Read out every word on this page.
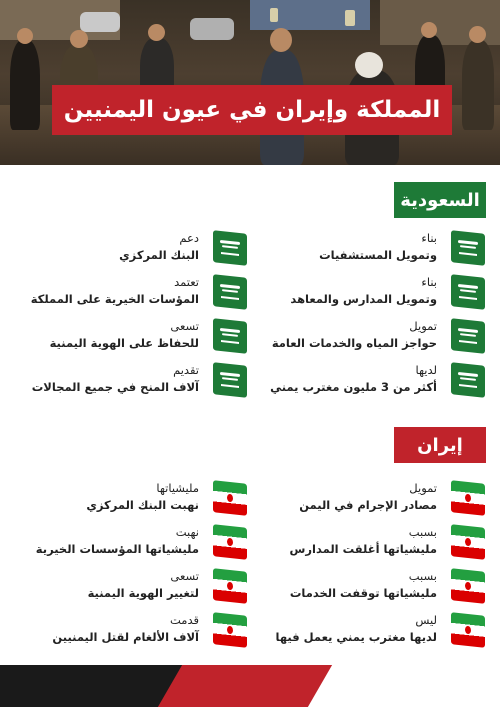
المملكة وإيران في عيون اليمنيين
السعودية
بناء
وتمويل المستشفيات
دعم
البنك المركزي
بناء
وتمويل المدارس والمعاهد
تعتمد
المؤسات الخيرية على المملكة
تمويل
حواجز المياه والخدمات العامة
تسعى
للحفاظ على الهوية اليمنية
لديها
أكثر من 3 مليون مغترب يمني
تقديم
آلاف المنح في جميع المجالات
إيران
تمويل
مصادر الإجرام في اليمن
مليشياتها
نهبت البنك المركزي
بسبب
مليشياتها أغلقت المدارس
نهبت
مليشياتها المؤسسات الخيرية
بسبب
مليشياتها توقفت الخدمات
تسعى
لتغيير الهوية اليمنية
ليس
لديها مغترب يمني يعمل فيها
قدمت
آلاف الألغام لقتل اليمنيين
